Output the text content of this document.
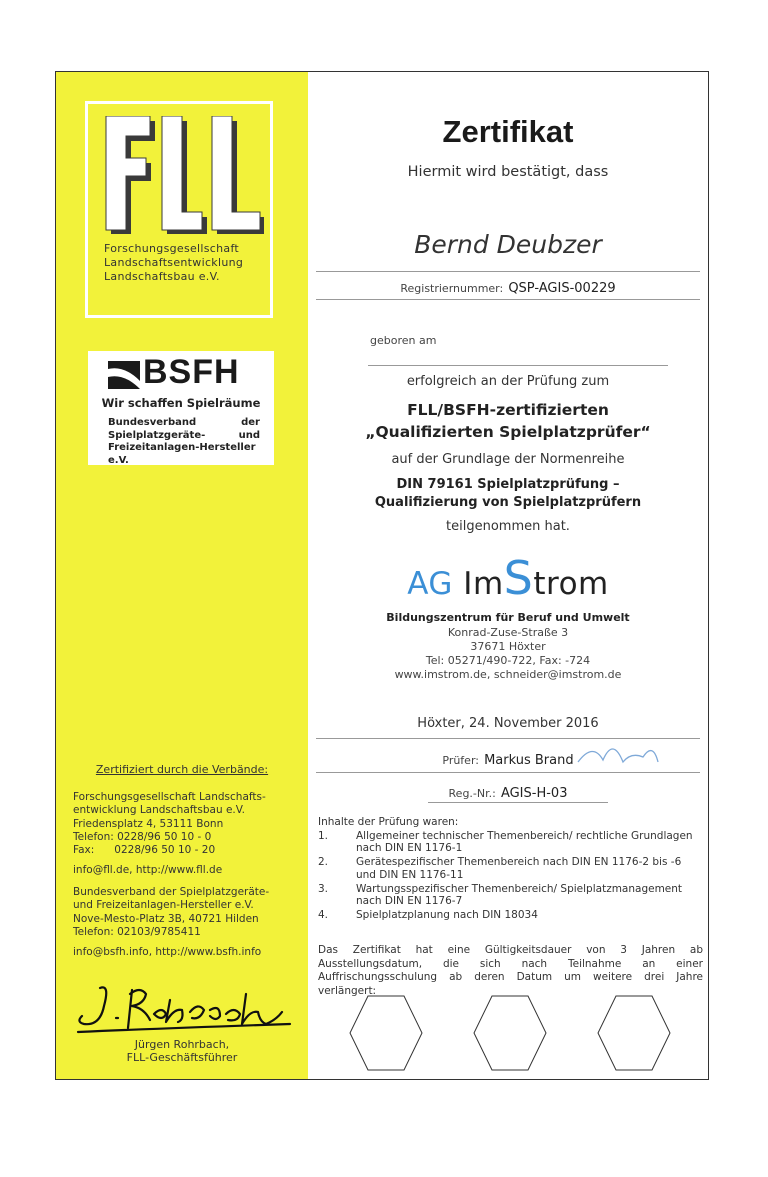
Forschungsgesellschaft
Landschaftsentwicklung
Landschaftsbau e.V.
BSFH
Wir schaffen Spielräume
Bundesverband der Spielplatzgeräte- und Freizeitanlagen-Hersteller e.V.
Zertifiziert durch die Verbände:
Forschungsgesellschaft Landschafts-
entwicklung Landschaftsbau e.V.
Friedensplatz 4, 53111 Bonn
Telefon: 0228/96 50 10 - 0
Fax:      0228/96 50 10 - 20
info@fll.de, http://www.fll.de
Bundesverband der Spielplatzgeräte-
und Freizeitanlagen-Hersteller e.V.
Nove-Mesto-Platz 3B, 40721 Hilden
Telefon: 02103/9785411
info@bsfh.info, http://www.bsfh.info
Jürgen Rohrbach,
FLL-Geschäftsführer
Zertifikat
Hiermit wird bestätigt, dass
Bernd Deubzer
Registriernummer: QSP-AGIS-00229
geboren am
erfolgreich an der Prüfung zum
FLL/BSFH-zertifizierten
„Qualifizierten Spielplatzprüfer“
auf der Grundlage der Normenreihe
DIN 79161 Spielplatzprüfung –
Qualifizierung von Spielplatzprüfern
teilgenommen hat.
AG ImStrom
Bildungszentrum für Beruf und Umwelt
Konrad-Zuse-Straße 3
37671 Höxter
Tel: 05271/490-722, Fax: -724
www.imstrom.de, schneider@imstrom.de
Höxter, 24. November 2016
Prüfer: Markus Brand
Reg.-Nr.: AGIS-H-03
Inhalte der Prüfung waren:
1.	Allgemeiner technischer Themenbereich/ rechtliche Grundlagen nach DIN EN 1176-1
2.	Gerätespezifischer Themenbereich nach DIN EN 1176-2 bis -6 und DIN EN 1176-11
3.	Wartungsspezifischer Themenbereich/ Spielplatzmanagement nach DIN EN 1176-7
4.	Spielplatzplanung nach DIN 18034
Das Zertifikat hat eine Gültigkeitsdauer von 3 Jahren ab Ausstellungsdatum, die sich nach Teilnahme an einer Auffrischungsschulung ab deren Datum um weitere drei Jahre verlängert:
